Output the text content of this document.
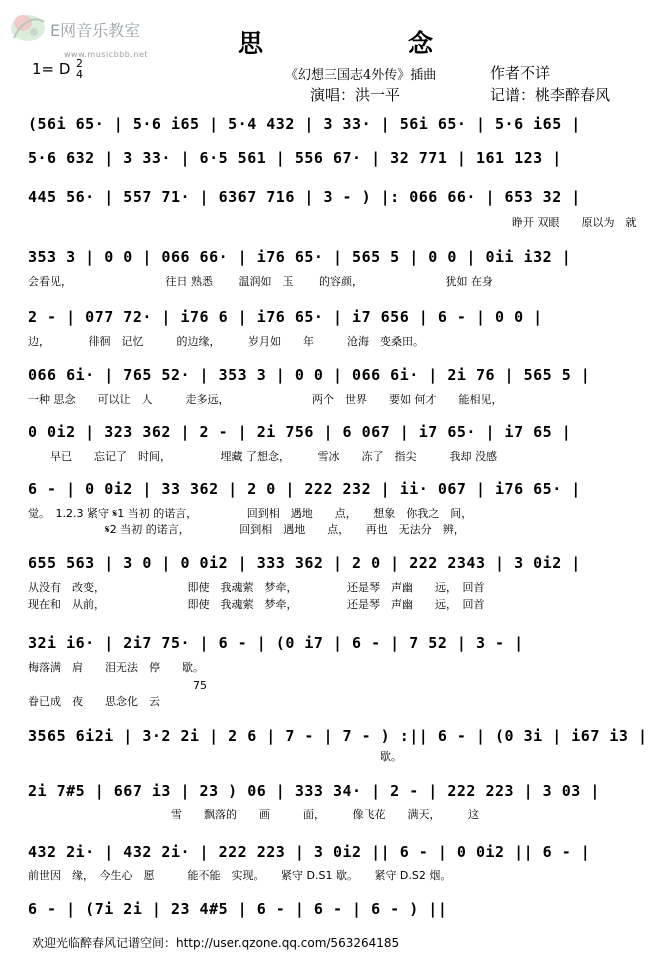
E网音乐教室
www.musicbbb.net	思　念
1= D 2
4	《幻想三国志4外传》插曲	作者不详
演唱：洪一平	记谱：桃李醉春风
(56i 65· | 5·6 i65 | 5·4 432 | 3 33· | 56i 65· | 5·6 i65 |
5·6 632 | 3 33· | 6·5 561 | 556 67· | 32 771 | 161 123 |
445 56· | 557 71· | 6367 716 | 3 - ) |: 066 66· | 653 32 |
　　　　　　　　　　　　　　　　　　　　　　　　　　　　　　　　　　　　　　　　　　　　睁开 双眼　　原以为　就
353 3 | 0 0 | 066 66· | i76 65· | 565 5 | 0 0 | 0ii i32 |
会看见，　　　　　　　　　往日 熟悉　　 温润如　玉　　 的容颜，　　　　　　　　犹如 在身
2 - | 077 72· | i76 6 | i76 65· | i7 656 | 6 - | 0 0 |
边，　　　　徘徊　记忆　　　的边缘，　　　岁月如　　年　　　沧海　变桑田。
066 6i· | 765 52· | 353 3 | 0 0 | 066 6i· | 2i 76 | 565 5 |
一种 思念　　可以让　人　　　走多远，　　　　　　　　两个　世界　　要如 何才　　能相见，
0 0i2 | 323 362 | 2 - | 2i 756 | 6 067 | i7 65· | i7 65 |
　　早已　　忘记了　时间，　　　　　埋藏 了想念，　　　雪冰　　冻了　指尖　　　我却 没感
6 - | 0 0i2 | 33 362 | 2 0 | 222 232 | ii· 067 | i76 65· |
觉。　1.2.3 紧守 𝄋1 当初 的诺言，　　　　　回到相　遇地　　点，　　想象　你我之　间，
　　　　　　　𝄋2 当初 的诺言，　　　　　回到相　遇地　　点，　　再也　无法分　辨，
655 563 | 3 0 | 0 0i2 | 333 362 | 2 0 | 222 2343 | 3 0i2 |
从没有　改变，　　　　　　　　即使　我魂萦　梦牵，　　　　　还是琴　声幽　　远，　回首
现在和　从前，　　　　　　　　即使　我魂萦　梦牵，　　　　　还是琴　声幽　　远，　回首
32i i6· | 2i7 75· | 6 - | (0 i7 | 6 - | 7 52 | 3 - |
梅落满　肩　　泪无法　停　　歇。
　　　　　　　　　　　　　　　75
眷已成　夜　　思念化　云
3565 6i2i | 3·2 2i | 2 6 | 7 - | 7 - ) :|| 6 - | (0 3i | i67 i3 |
　　　　　　　　　　　　　　　　　　　　　　　　　　　　　　　　歇。
2i 7#5 | 667 i3 | 23 ) 06 | 333 34· | 2 - | 222 223 | 3 03 |
　　　　　　　　　　　　　雪　　飘落的　　画　　　面，　　　像飞花　　满天，　　　这
432 2i· | 432 2i· | 222 223 | 3 0i2 || 6 - | 0 0i2 || 6 - |
前世因　缘，　今生心　愿　　　能不能　实现。　　紧守 D.S1 歇。　　紧守 D.S2 烟。
6 - | (7i 2i | 23 4#5 | 6 - | 6 - | 6 - ) ||
欢迎光临醉春风记谱空间：http://user.qzone.qq.com/563264185
